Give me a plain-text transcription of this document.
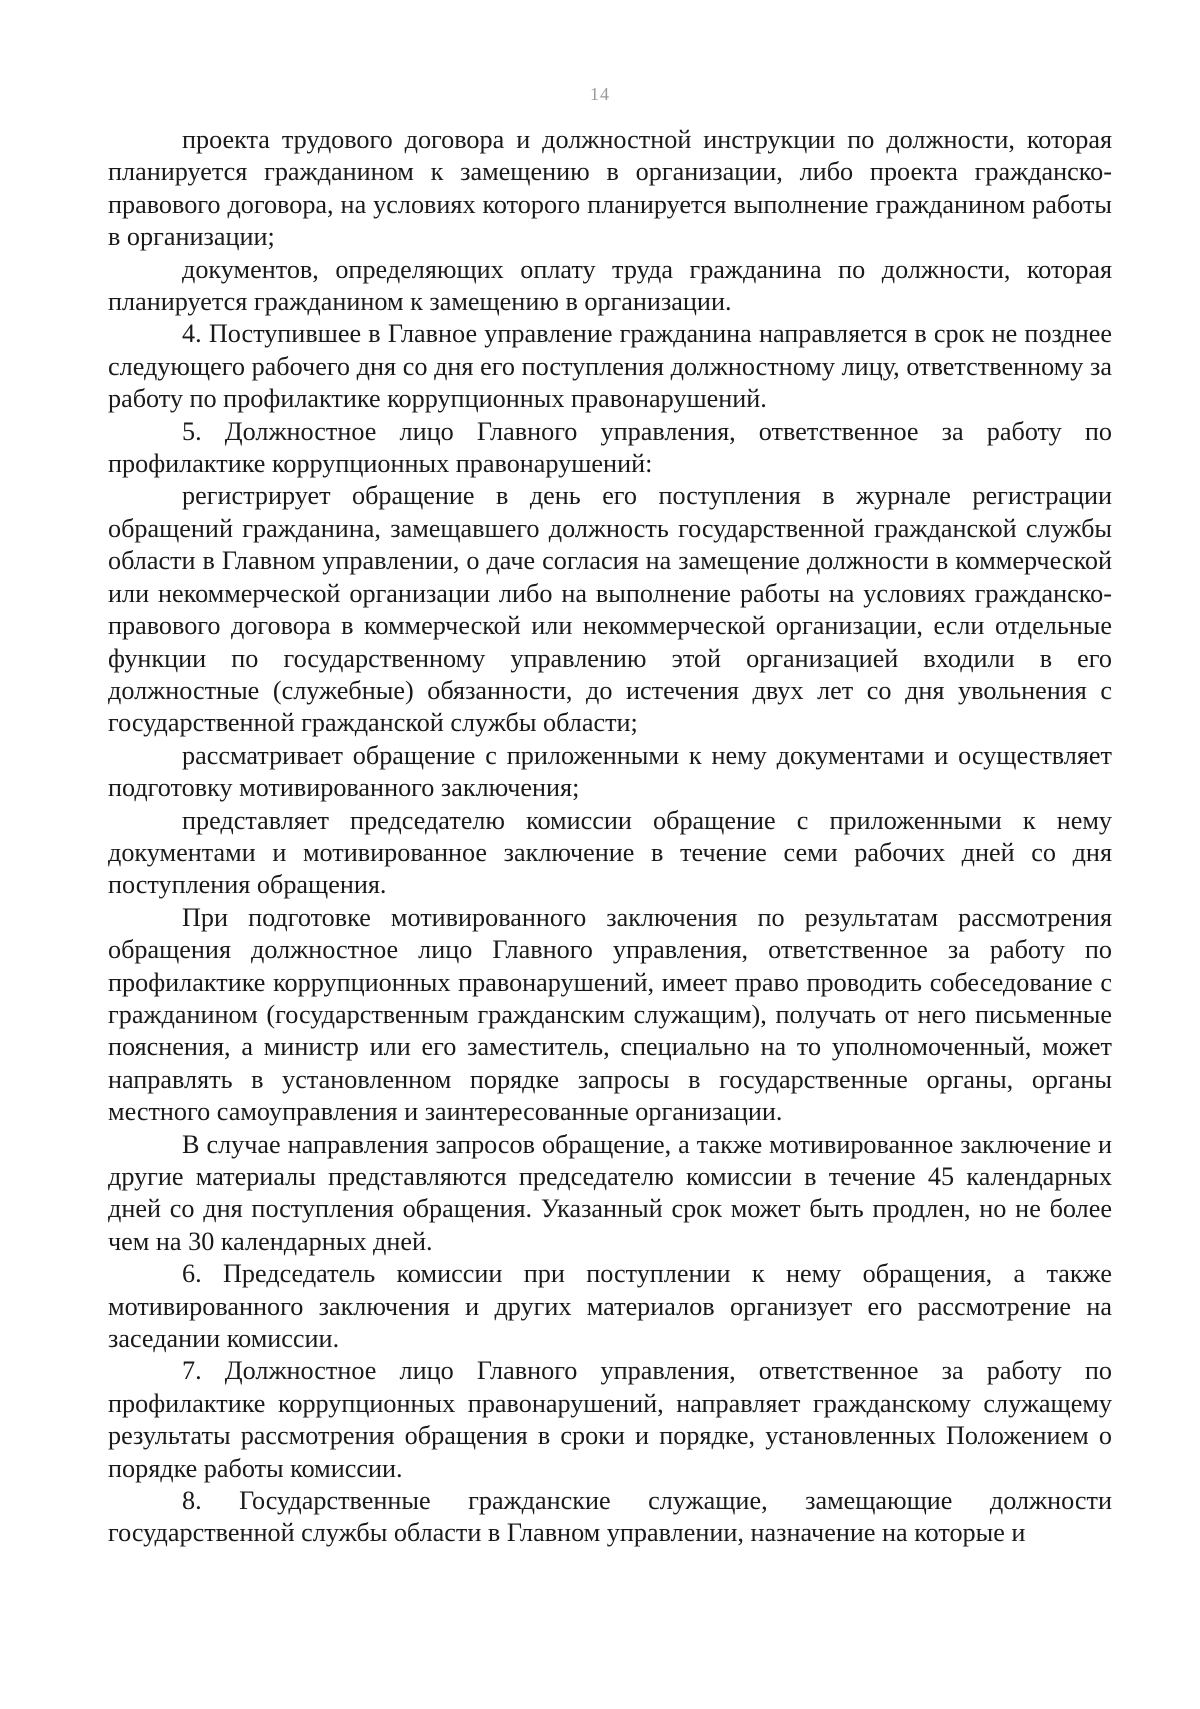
14

проекта трудового договора и должностной инструкции по должности, которая планируется гражданином к замещению в организации, либо проекта гражданско-правового договора, на условиях которого планируется выполнение гражданином работы в организации;

документов, определяющих оплату труда гражданина по должности, которая планируется гражданином к замещению в организации.

4. Поступившее в Главное управление гражданина направляется в срок не позднее следующего рабочего дня со дня его поступления должностному лицу, ответственному за работу по профилактике коррупционных правонарушений.

5. Должностное лицо Главного управления, ответственное за работу по профилактике коррупционных правонарушений:

регистрирует обращение в день его поступления в журнале регистрации обращений гражданина, замещавшего должность государственной гражданской службы области в Главном управлении, о даче согласия на замещение должности в коммерческой или некоммерческой организации либо на выполнение работы на условиях гражданско-правового договора в коммерческой или некоммерческой организации, если отдельные функции по государственному управлению этой организацией входили в его должностные (служебные) обязанности, до истечения двух лет со дня увольнения с государственной гражданской службы области;

рассматривает обращение с приложенными к нему документами и осуществляет подготовку мотивированного заключения;

представляет председателю комиссии обращение с приложенными к нему документами и мотивированное заключение в течение семи рабочих дней со дня поступления обращения.

При подготовке мотивированного заключения по результатам рассмотрения обращения должностное лицо Главного управления, ответственное за работу по профилактике коррупционных правонарушений, имеет право проводить собеседование с гражданином (государственным гражданским служащим), получать от него письменные пояснения, а министр или его заместитель, специально на то уполномоченный, может направлять в установленном порядке запросы в государственные органы, органы местного самоуправления и заинтересованные организации.

В случае направления запросов обращение, а также мотивированное заключение и другие материалы представляются председателю комиссии в течение 45 календарных дней со дня поступления обращения. Указанный срок может быть продлен, но не более чем на 30 календарных дней.

6. Председатель комиссии при поступлении к нему обращения, а также мотивированного заключения и других материалов организует его рассмотрение на заседании комиссии.

7. Должностное лицо Главного управления, ответственное за работу по профилактике коррупционных правонарушений, направляет гражданскому служащему результаты рассмотрения обращения в сроки и порядке, установленных Положением о порядке работы комиссии.

8. Государственные гражданские служащие, замещающие должности государственной службы области в Главном управлении, назначение на которые и
